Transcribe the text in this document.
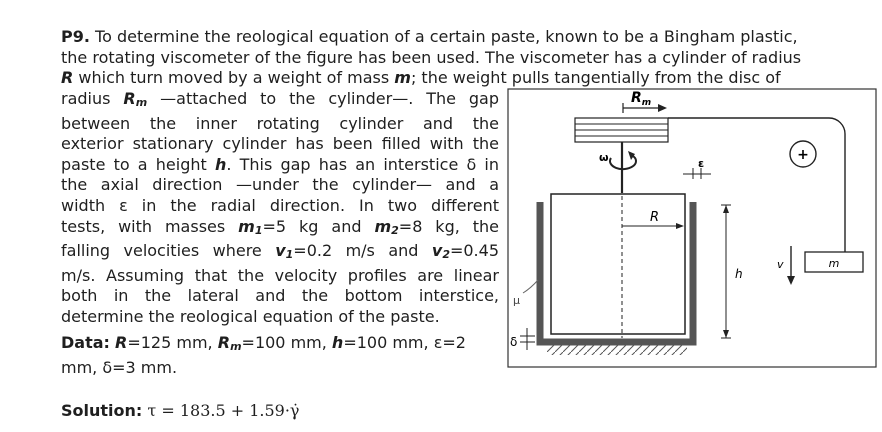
P9. To determine the reological equation of a certain paste, known to be a Bingham plastic,
the rotating viscometer of the figure has been used. The viscometer has a cylinder of radius
R which turn moved by a weight of mass m; the weight pulls tangentially from the disc of
radius Rm —attached to the cylinder—. The gap
between the inner rotating cylinder and the
exterior stationary cylinder has been filled with the
paste to a height h. This gap has an interstice δ in
the axial direction —under the cylinder— and a
width ε in the radial direction. In two different
tests, with masses m1=5 kg and m2=8 kg, the
falling velocities where v1=0.2 m/s and v2=0.45
m/s. Assuming that the velocity profiles are linear
both in the lateral and the bottom interstice,
determine the reological equation of the paste.
Data: R=125 mm, Rm=100 mm, h=100 mm, ε=2
mm, δ=3 mm.
Solution: τ = 183.5 + 1.59·γ̇
$R_m$
+
ω	ε
R
h
μ
δ
v	m
